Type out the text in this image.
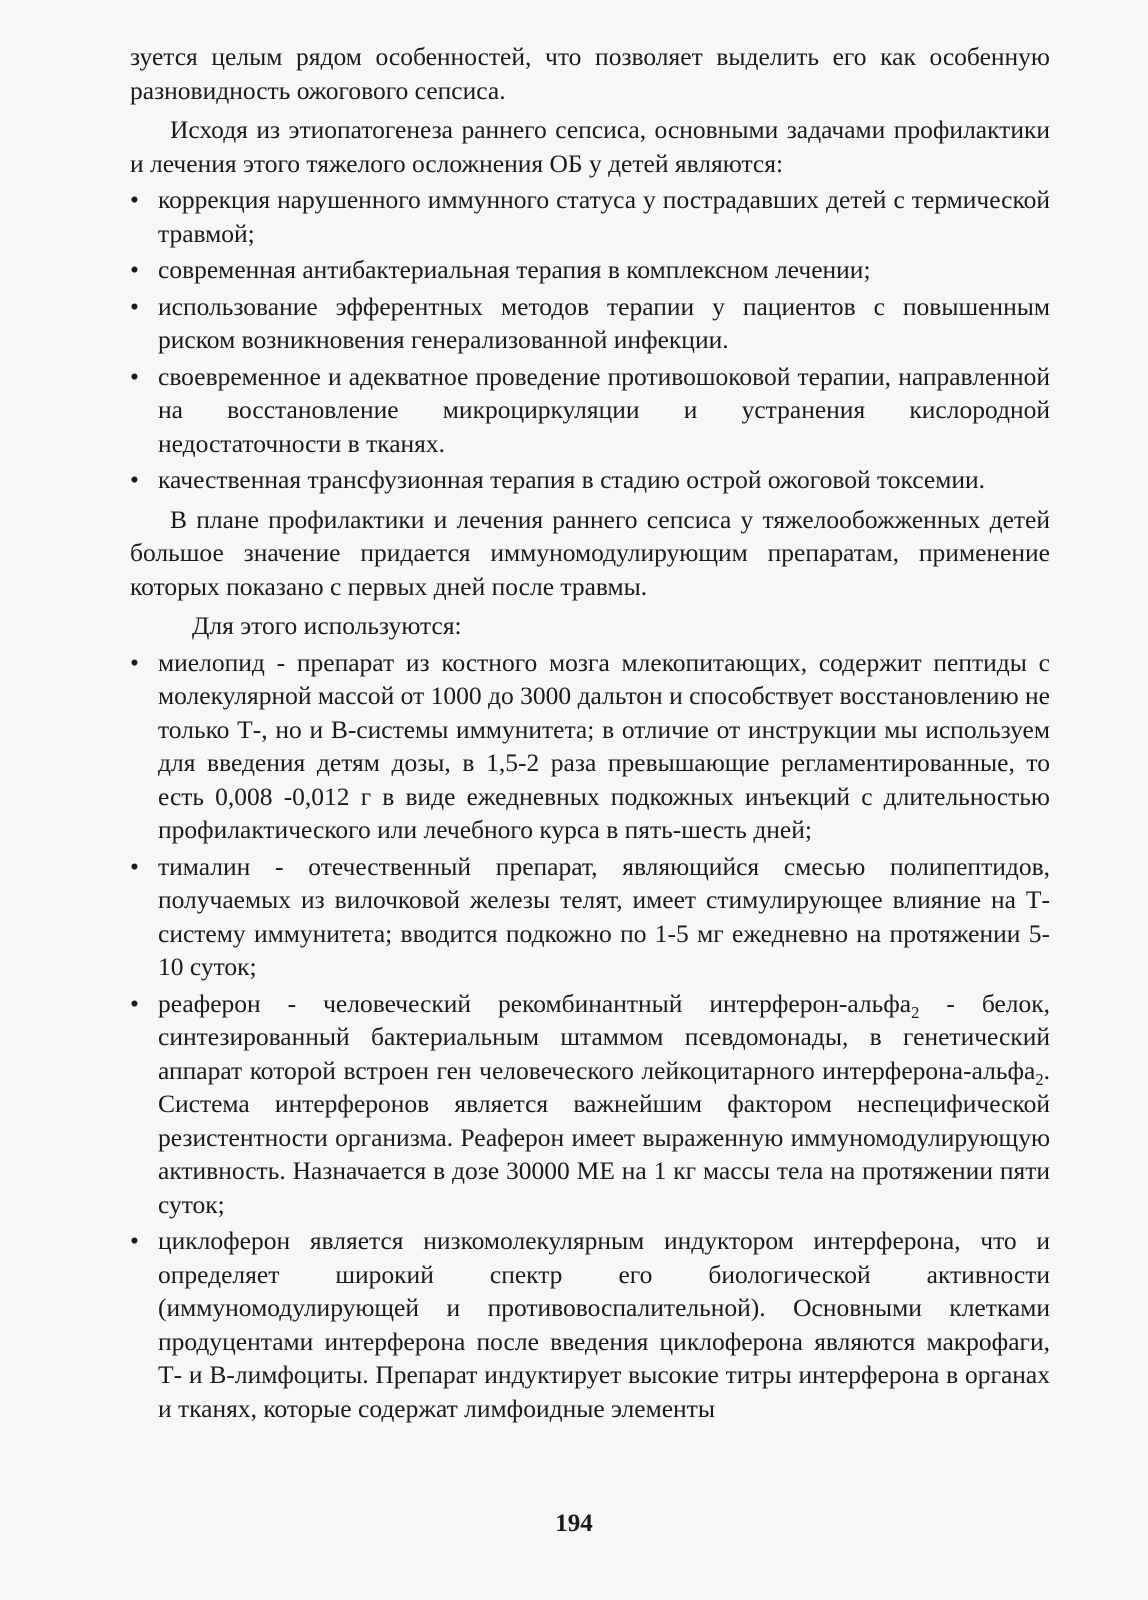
зуется целым рядом особенностей, что позволяет выделить его как особенную разновидность ожогового сепсиса.

Исходя из этиопатогенеза раннего сепсиса, основными задачами профилактики и лечения этого тяжелого осложнения ОБ у детей являются:

• коррекция нарушенного иммунного статуса у пострадавших детей с термической травмой;
• современная антибактериальная терапия в комплексном лечении;
• использование эфферентных методов терапии у пациентов с повышенным риском возникновения генерализованной инфекции.
• своевременное и адекватное проведение противошоковой терапии, направленной на восстановление микроциркуляции и устранения кислородной недостаточности в тканях.
• качественная трансфузионная терапия в стадию острой ожоговой токсемии.

В плане профилактики и лечения раннего сепсиса у тяжелообожженных детей большое значение придается иммуномодулирующим препаратам, применение которых показано с первых дней после травмы.

Для этого используются:

• миелопид - препарат из костного мозга млекопитающих, содержит пептиды с молекулярной массой от 1000 до 3000 дальтон и способствует восстановлению не только Т-, но и В-системы иммунитета; в отличие от инструкции мы используем для введения детям дозы, в 1,5-2 раза превышающие регламентированные, то есть 0,008 -0,012 г в виде ежедневных подкожных инъекций с длительностью профилактического или лечебного курса в пять-шесть дней;
• тималин - отечественный препарат, являющийся смесью полипептидов, получаемых из вилочковой железы телят, имеет стимулирующее влияние на Т-систему иммунитета; вводится подкожно по 1-5 мг ежедневно на протяжении 5-10 суток;
• реаферон - человеческий рекомбинантный интерферон-альфа$_2$ - белок, синтезированный бактериальным штаммом псевдомонады, в генетический аппарат которой встроен ген человеческого лейкоцитарного интерферона-альфа$_2$. Система интерферонов является важнейшим фактором неспецифической резистентности организма. Реаферон имеет выраженную иммуномодулирующую активность. Назначается в дозе 30000 МЕ на 1 кг массы тела на протяжении пяти суток;
• циклоферон является низкомолекулярным индуктором интерферона, что и определяет широкий спектр его биологической активности (иммуномодулирующей и противовоспалительной). Основными клетками продуцентами интерферона после введения циклоферона являются макрофаги, Т- и В-лимфоциты. Препарат индуктирует высокие титры интерферона в органах и тканях, которые содержат лимфоидные элементы
194
